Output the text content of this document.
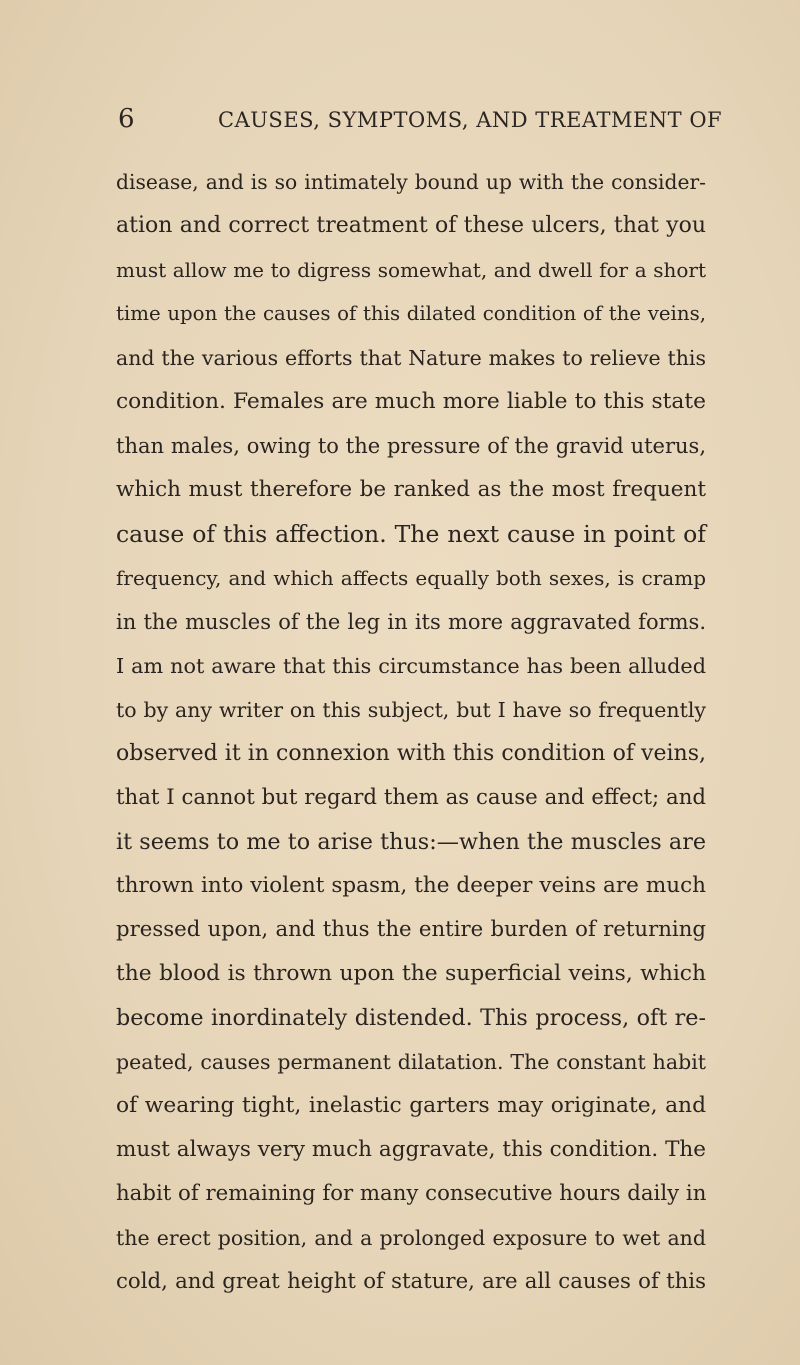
6	CAUSES, SYMPTOMS, AND TREATMENT OF
disease, and is so intimately bound up with the consider-
ation and correct treatment of these ulcers, that you
must allow me to digress somewhat, and dwell for a short
time upon the causes of this dilated condition of the veins,
and the various efforts that Nature makes to relieve this
condition. Females are much more liable to this state
than males, owing to the pressure of the gravid uterus,
which must therefore be ranked as the most frequent
cause of this affection. The next cause in point of
frequency, and which affects equally both sexes, is cramp
in the muscles of the leg in its more aggravated forms.
I am not aware that this circumstance has been alluded
to by any writer on this subject, but I have so frequently
observed it in connexion with this condition of veins,
that I cannot but regard them as cause and effect; and
it seems to me to arise thus:—when the muscles are
thrown into violent spasm, the deeper veins are much
pressed upon, and thus the entire burden of returning
the blood is thrown upon the superficial veins, which
become inordinately distended. This process, oft re-
peated, causes permanent dilatation. The constant habit
of wearing tight, inelastic garters may originate, and
must always very much aggravate, this condition. The
habit of remaining for many consecutive hours daily in
the erect position, and a prolonged exposure to wet and
cold, and great height of stature, are all causes of this
